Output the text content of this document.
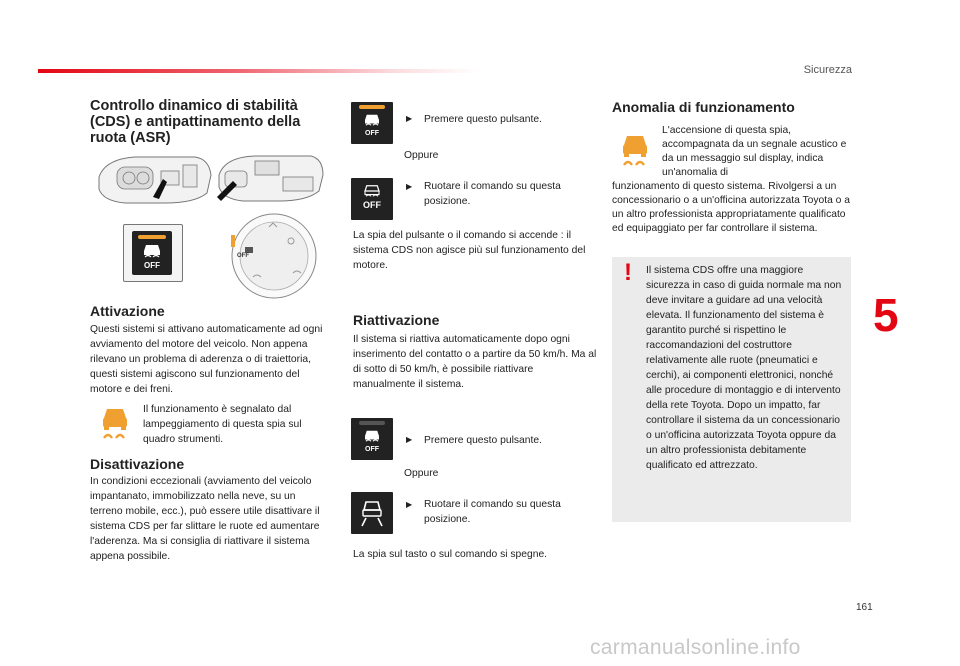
Sicurezza
5
161
carmanualsonline.info
Controllo dinamico di stabilità (CDS) e antipattinamento della ruota (ASR)
OFF
OFF
Attivazione

Questi sistemi si attivano automaticamente ad ogni avviamento del motore del veicolo. Non appena rilevano un problema di aderenza o di traiettoria, questi sistemi agiscono sul funzionamento del motore e dei freni.

Il funzionamento è segnalato dal lampeggiamento di questa spia sul quadro strumenti.

Disattivazione

In condizioni eccezionali (avviamento del veicolo impantanato, immobilizzato nella neve, su un terreno mobile, ecc.), può essere utile disattivare il sistema CDS per far slittare le ruote ed aumentare l'aderenza. Ma si consiglia di riattivare il sistema appena possibile.

OFF
▶ Premere questo pulsante.

Oppure

OFF
▶ Ruotare il comando su questa posizione.

La spia del pulsante o il comando si accende : il sistema CDS non agisce più sul funzionamento del motore.

Riattivazione

Il sistema si riattiva automaticamente dopo ogni inserimento del contatto o a partire da 50 km/h. Ma al di sotto di 50 km/h, è possibile riattivare manualmente il sistema.

OFF
▶ Premere questo pulsante.

Oppure

▶ Ruotare il comando su questa posizione.

La spia sul tasto o sul comando si spegne.

Anomalia di funzionamento

L'accensione di questa spia, accompagnata da un segnale acustico e da un messaggio sul display, indica un'anomalia di

funzionamento di questo sistema. Rivolgersi a un concessionario o a un'officina autorizzata Toyota o a un altro professionista appropriatamente qualificato ed equipaggiato per far controllare il sistema.

! Il sistema CDS offre una maggiore sicurezza in caso di guida normale ma non deve invitare a guidare ad una velocità elevata. Il funzionamento del sistema è garantito purché si rispettino le raccomandazioni del costruttore relativamente alle ruote (pneumatici e cerchi), ai componenti elettronici, nonché alle procedure di montaggio e di intervento della rete Toyota. Dopo un impatto, far controllare il sistema da un concessionario o un'officina autorizzata Toyota oppure da un altro professionista debitamente qualificato ed attrezzato.
